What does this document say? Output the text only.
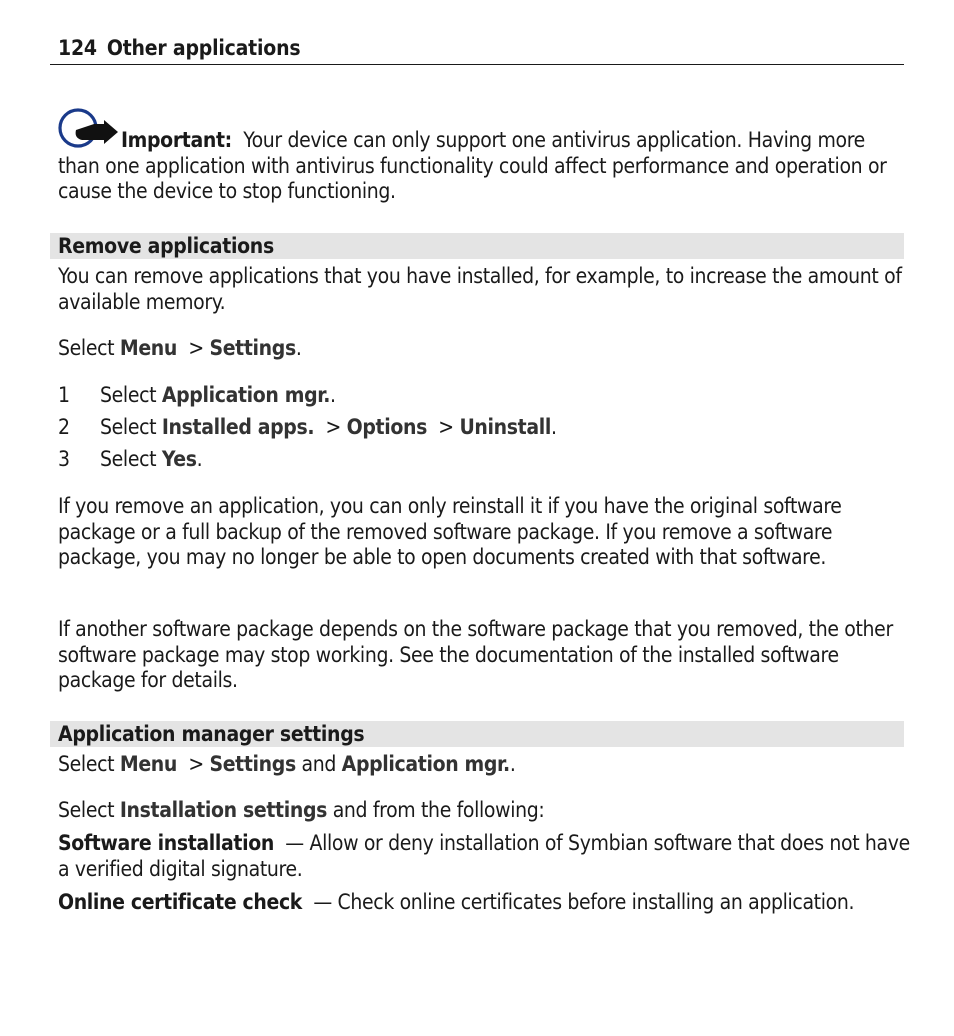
124 Other applications
Important: Your device can only support one antivirus application. Having more than one application with antivirus functionality could affect performance and operation or cause the device to stop functioning.
Remove applications
You can remove applications that you have installed, for example, to increase the amount of available memory.
Select Menu > Settings.
1 Select Application mgr..
2 Select Installed apps. > Options > Uninstall.
3 Select Yes.
If you remove an application, you can only reinstall it if you have the original software package or a full backup of the removed software package. If you remove a software package, you may no longer be able to open documents created with that software.
If another software package depends on the software package that you removed, the other software package may stop working. See the documentation of the installed software package for details.
Application manager settings
Select Menu > Settings and Application mgr..
Select Installation settings and from the following:
Software installation — Allow or deny installation of Symbian software that does not have a verified digital signature.
Online certificate check — Check online certificates before installing an application.
